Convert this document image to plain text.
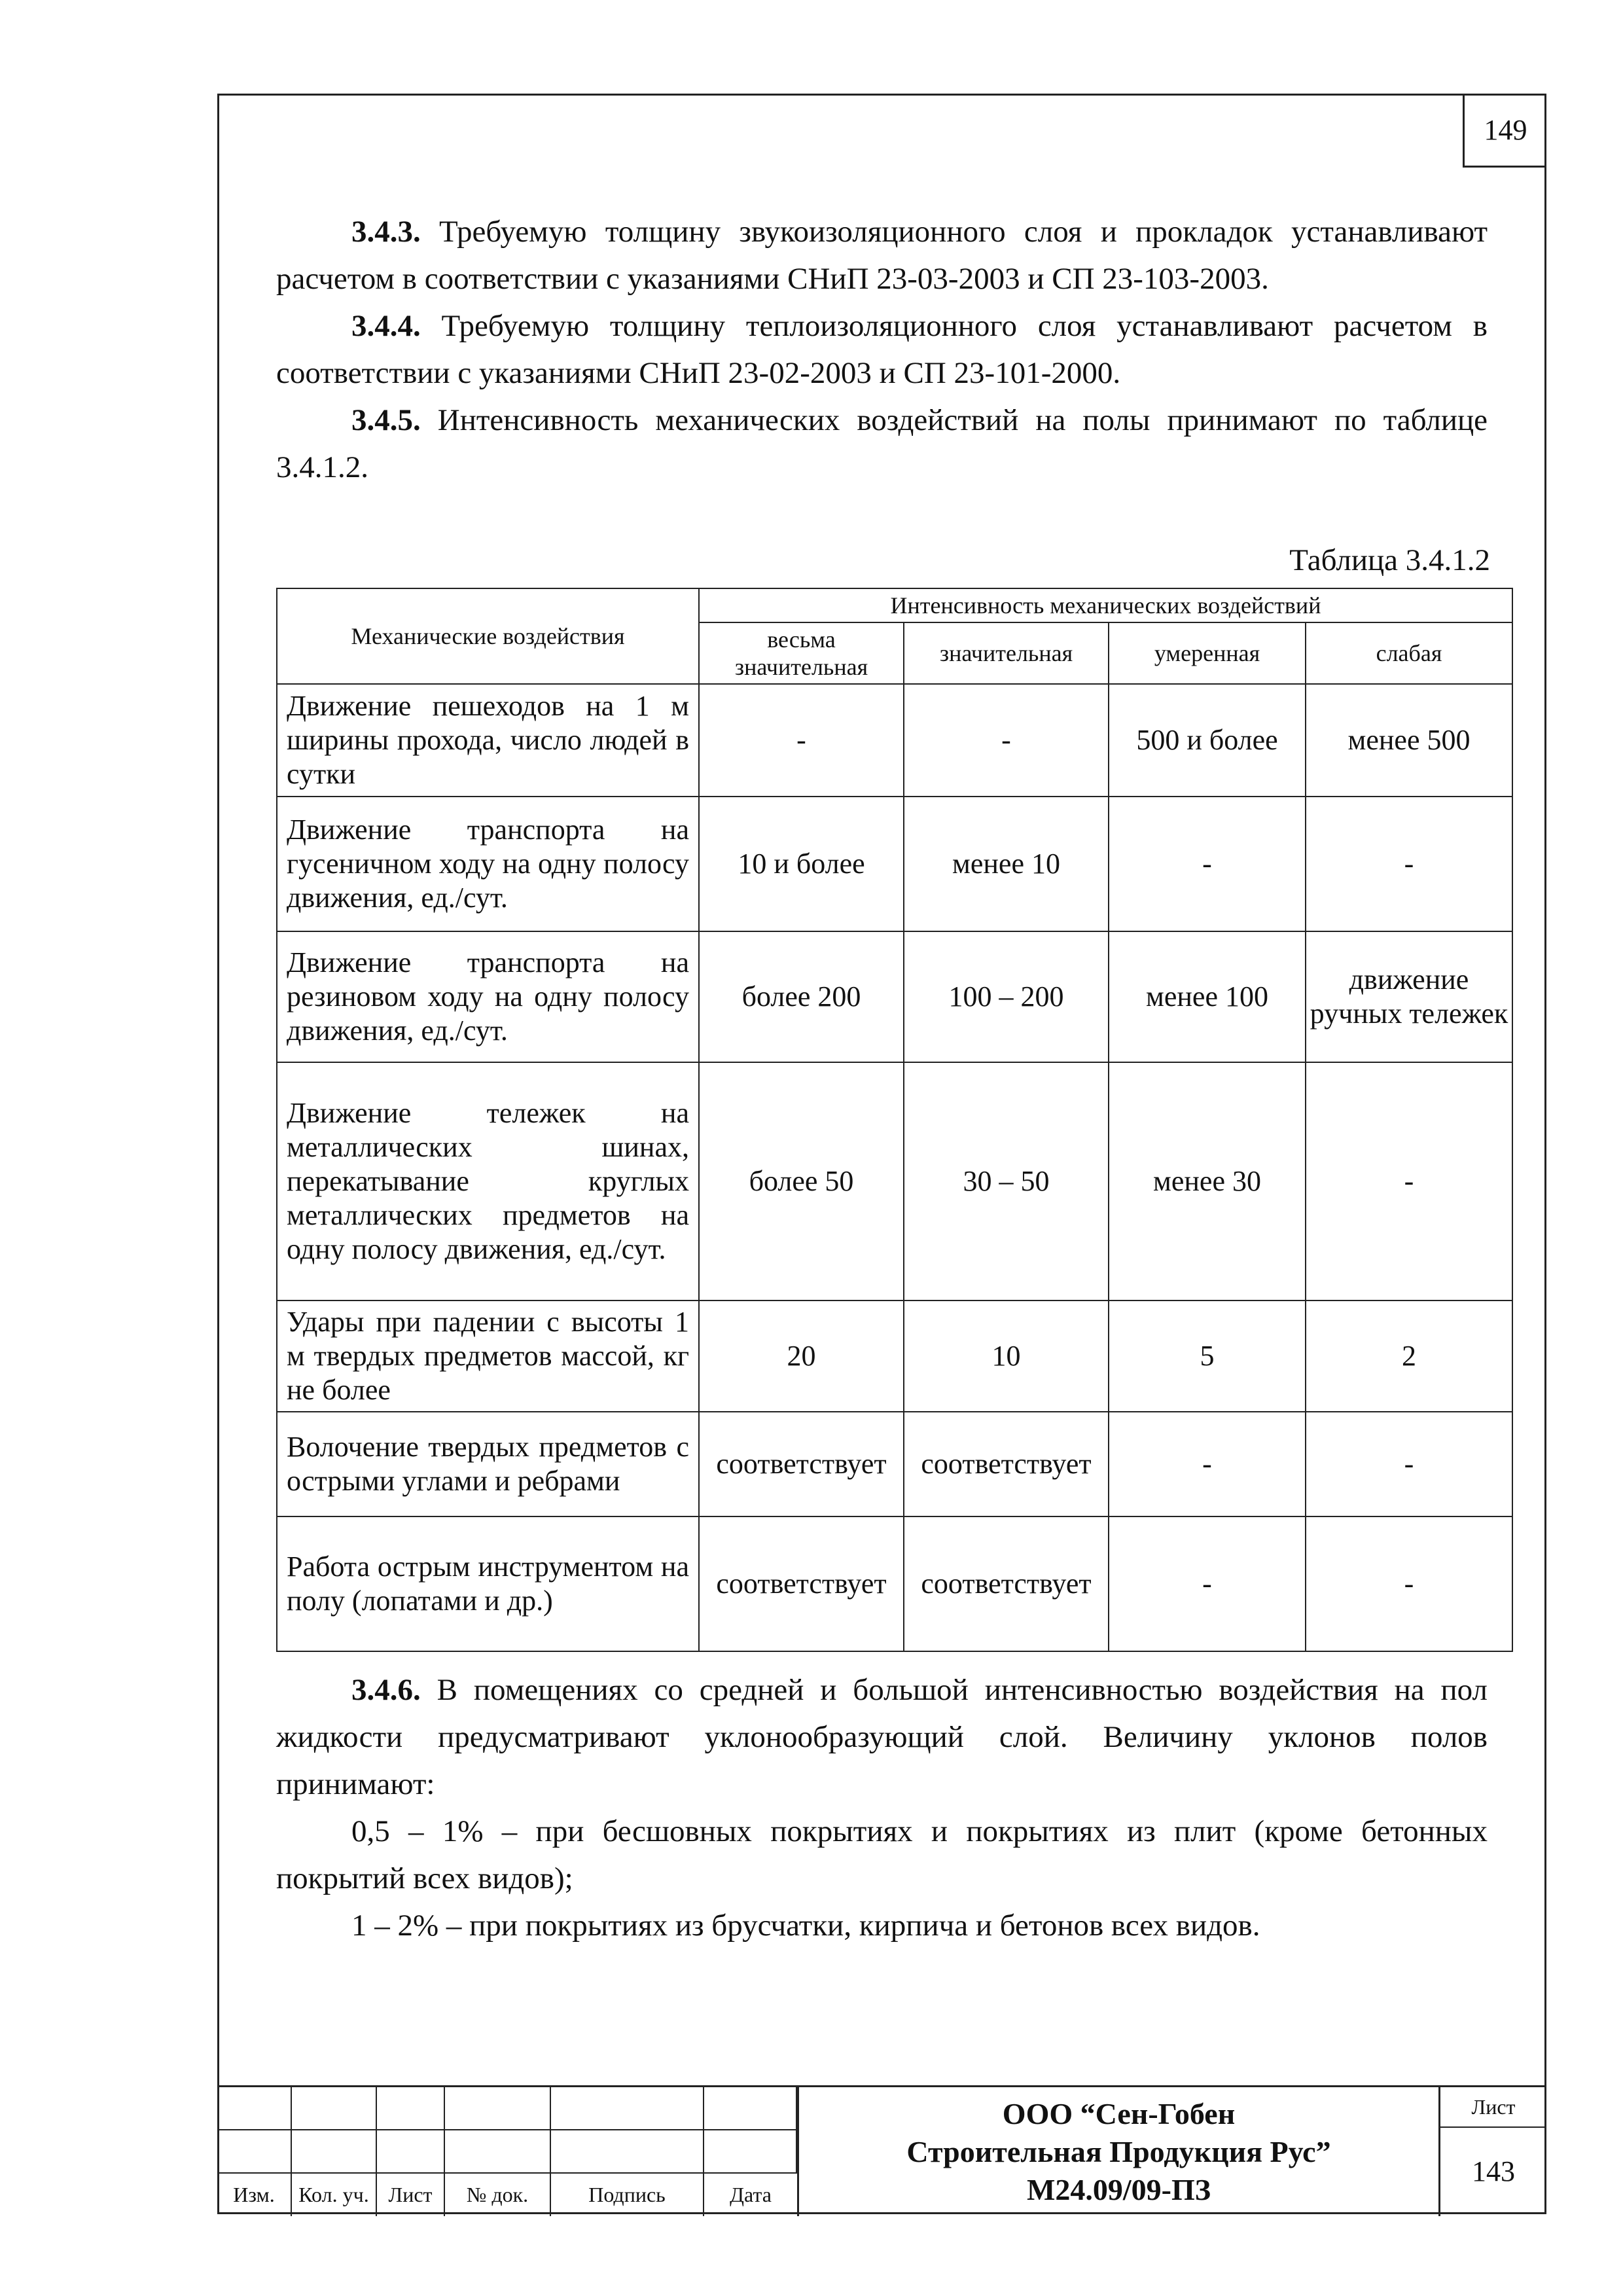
149

3.4.3. Требуемую толщину звукоизоляционного слоя и прокладок устанавливают расчетом в соответствии с указаниями СНиП 23-03-2003 и СП 23-103-2003.

3.4.4. Требуемую толщину теплоизоляционного слоя устанавливают расчетом в соответствии с указаниями СНиП 23-02-2003 и СП 23-101-2000.

3.4.5. Интенсивность механических воздействий на полы принимают по таблице 3.4.1.2.

Таблица 3.4.1.2
Механические воздействия	Интенсивность механических воздействий			
	весьма значительная	значительная	умеренная	слабая
Движение пешеходов на 1 м ширины прохода, число людей в сутки	-	-	500 и более	менее 500
Движение транспорта на гусеничном ходу на одну полосу движения, ед./сут.	10 и более	менее 10	-	-
Движение транспорта на резиновом ходу на одну полосу движения, ед./сут.	более 200	100 – 200	менее 100	движение ручных тележек
Движение тележек на металлических шинах, перекатывание круглых металлических предметов на одну полосу движения, ед./сут.	более 50	30 – 50	менее 30	-
Удары при падении с высоты 1 м твердых предметов массой, кг не более	20	10	5	2
Волочение твердых предметов с острыми углами и ребрами	соответствует	соответствует	-	-
Работа острым инструментом на полу (лопатами и др.)	соответствует	соответствует	-	-

3.4.6. В помещениях со средней и большой интенсивностью воздействия на пол жидкости предусматривают уклонообразующий слой. Величину уклонов полов принимают:

0,5 – 1% – при бесшовных покрытиях и покрытиях из плит (кроме бетонных покрытий всех видов);

1 – 2% – при покрытиях из брусчатки, кирпича и бетонов всех видов.

Изм.	Кол. уч. Лист	№ док.	Подпись	Дата
ООО “Сен-Гобен
Строительная Продукция Рус”
М24.09/09-ПЗ
Лист
143
